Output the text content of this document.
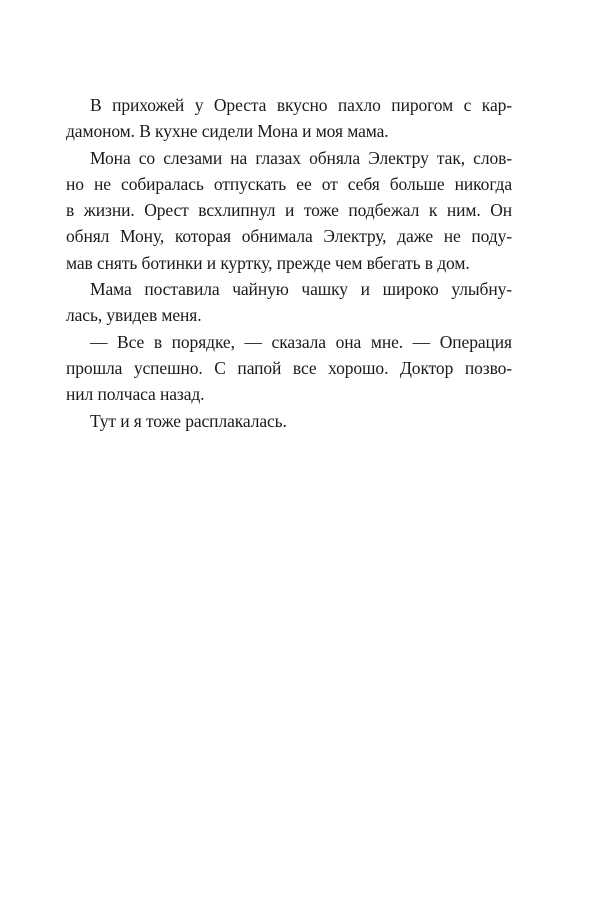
В прихожей у Ореста вкусно пахло пирогом с кар-
дамоном. В кухне сидели Мона и моя мама.

Мона со слезами на глазах обняла Электру так, слов-
но не собиралась отпускать ее от себя больше никогда
в жизни. Орест всхлипнул и тоже подбежал к ним. Он
обнял Мону, которая обнимала Электру, даже не поду-
мав снять ботинки и куртку, прежде чем вбегать в дом.

Мама поставила чайную чашку и широко улыбну-
лась, увидев меня.

— Все в порядке, — сказала она мне. — Операция
прошла успешно. С папой все хорошо. Доктор позво-
нил полчаса назад.

Тут и я тоже расплакалась.
